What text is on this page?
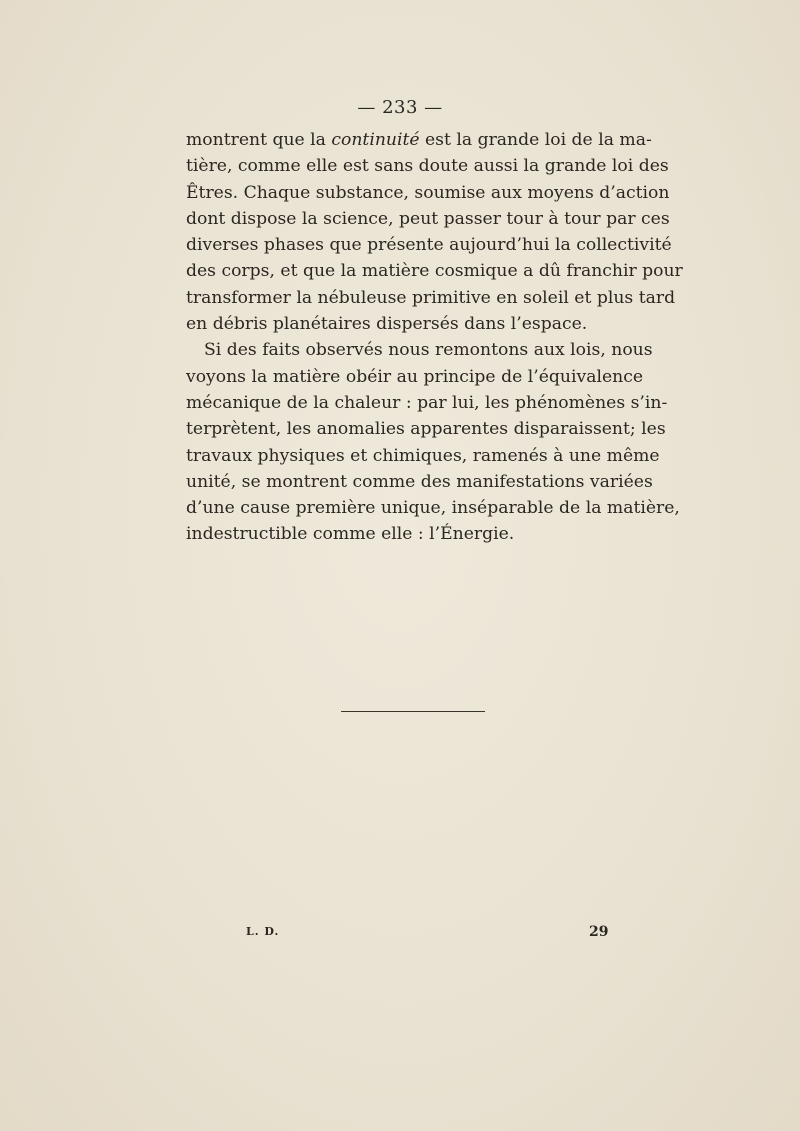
— 233 —
montrent que la continuité est la grande loi de la ma-
tière, comme elle est sans doute aussi la grande loi des
Êtres. Chaque substance, soumise aux moyens d’action
dont dispose la science, peut passer tour à tour par ces
diverses phases que présente aujourd’hui la collectivité
des corps, et que la matière cosmique a dû franchir pour
transformer la nébuleuse primitive en soleil et plus tard
en débris planétaires dispersés dans l’espace.
Si des faits observés nous remontons aux lois, nous
voyons la matière obéir au principe de l’équivalence
mécanique de la chaleur : par lui, les phénomènes s’in-
terprètent, les anomalies apparentes disparaissent; les
travaux physiques et chimiques, ramenés à une même
unité, se montrent comme des manifestations variées
d’une cause première unique, inséparable de la matière,
indestructible comme elle : l’Énergie.
L. D.	29
